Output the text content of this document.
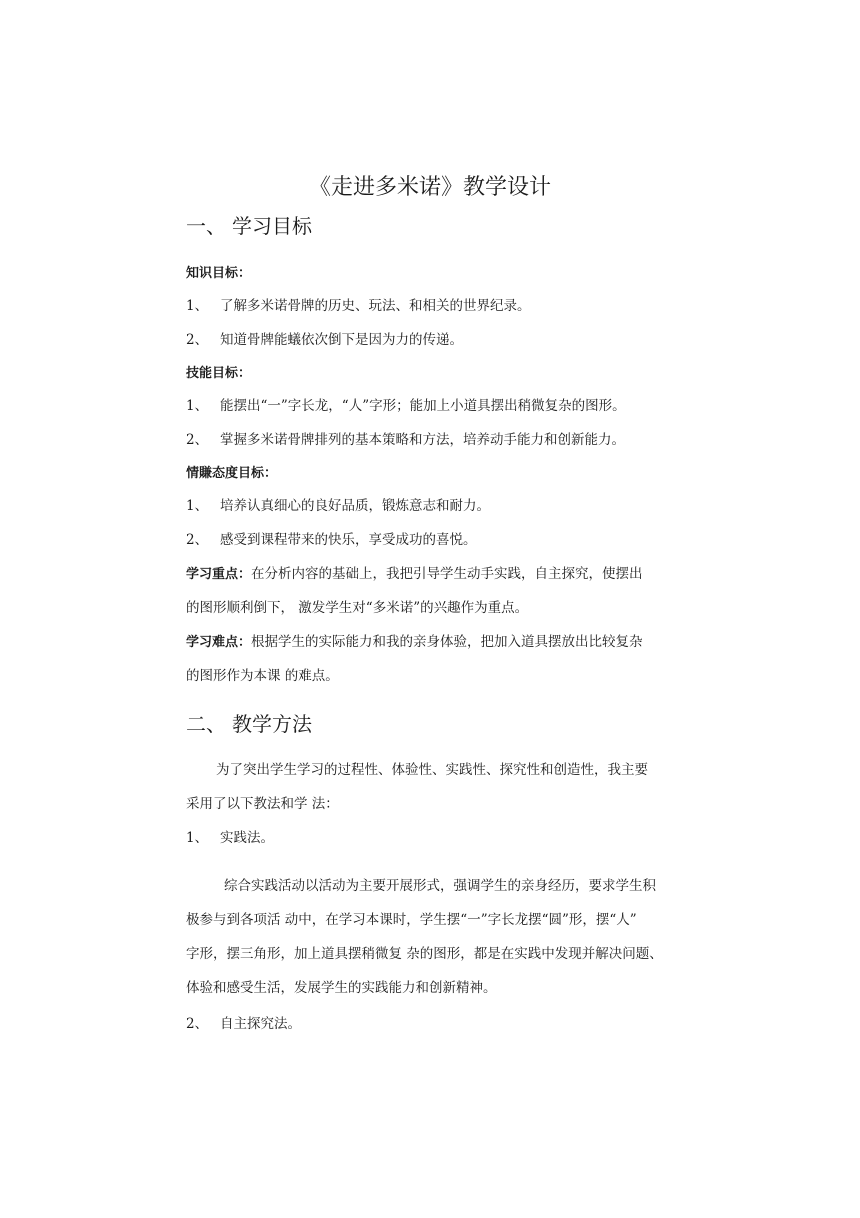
《走进多米诺》教学设计
一、 学习目标
知识目标：
1、 了解多米诺骨牌的历史、玩法、和相关的世界纪录。
2、 知道骨牌能蟻依次倒下是因为力的传递。
技能目标：
1、 能摆出“一”字长龙，“人”字形；能加上小道具摆出稍微复杂的图形。
2、 掌握多米诺骨牌排列的基本策略和方法，培养动手能力和创新能力。
情賺态度目标：
1、 培养认真细心的良好品质，锻炼意志和耐力。
2、 感受到课程带来的快乐，享受成功的喜悦。
学习重点：在分析内容的基础上，我把引导学生动手实践，自主探究，使摆出
的图形顺利倒下， 激发学生对“多米诺”的兴趣作为重点。
学习难点：根据学生的实际能力和我的亲身体验，把加入道具摆放出比较复杂
的图形作为本课 的难点。
二、 教学方法
为了突出学生学习的过程性、体验性、实践性、探究性和创造性，我主要
采用了以下教法和学 法：
1、 实践法。
综合实践活动以活动为主要开展形式，强调学生的亲身经历，要求学生积
极参与到各项活 动中，在学习本课时，学生摆“一”字长龙摆“圆”形，摆“人”
字形，摆三角形，加上道具摆稍微复 杂的图形，都是在实践中发现并解决问题、
体验和感受生活，发展学生的实践能力和创新精神。
2、 自主探究法。
